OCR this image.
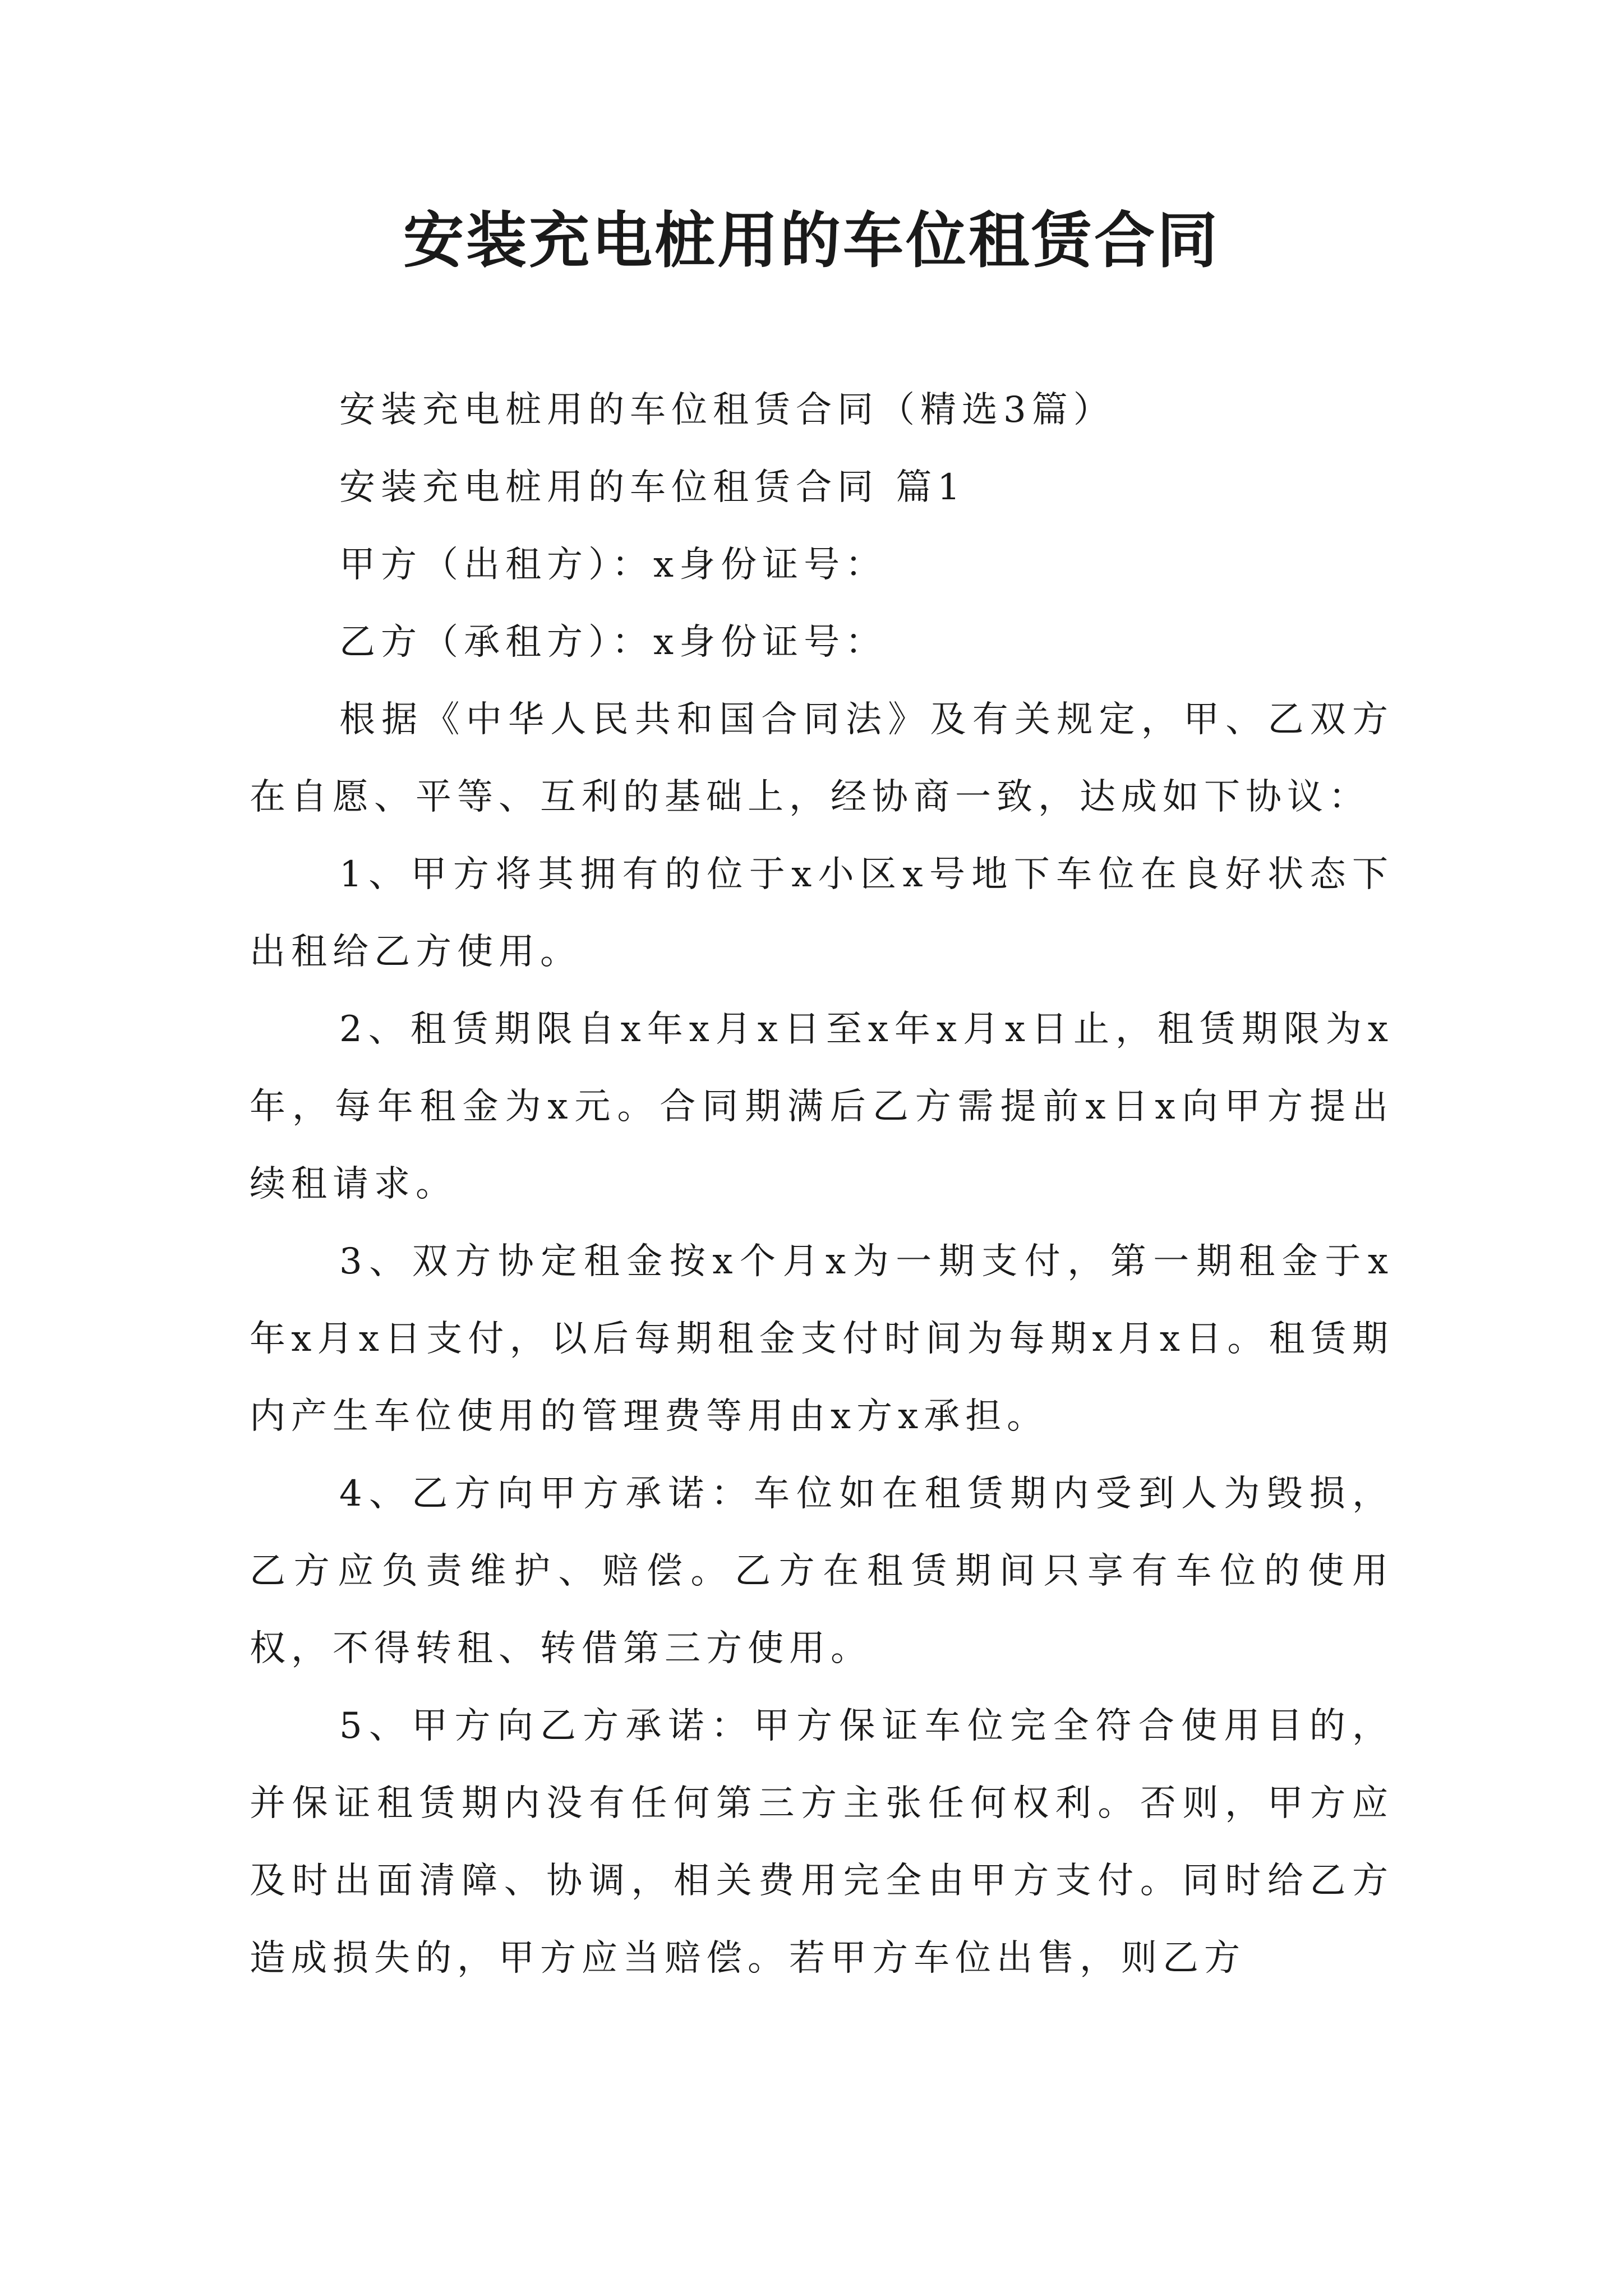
安装充电桩用的车位租赁合同

安装充电桩用的车位租赁合同（精选3篇）

安装充电桩用的车位租赁合同 篇1

甲方（出租方）：x身份证号：

乙方（承租方）：x身份证号：

根据《中华人民共和国合同法》及有关规定，甲、乙双方在自愿、平等、互利的基础上，经协商一致，达成如下协议：

1、甲方将其拥有的位于x小区x号地下车位在良好状态下出租给乙方使用。

2、租赁期限自x年x月x日至x年x月x日止，租赁期限为x年，每年租金为x元。合同期满后乙方需提前x日x向甲方提出续租请求。

3、双方协定租金按x个月x为一期支付，第一期租金于x年x月x日支付，以后每期租金支付时间为每期x月x日。租赁期内产生车位使用的管理费等用由x方x承担。

4、乙方向甲方承诺：车位如在租赁期内受到人为毁损，乙方应负责维护、赔偿。乙方在租赁期间只享有车位的使用权，不得转租、转借第三方使用。

5、甲方向乙方承诺：甲方保证车位完全符合使用目的，并保证租赁期内没有任何第三方主张任何权利。否则，甲方应及时出面清障、协调，相关费用完全由甲方支付。同时给乙方造成损失的，甲方应当赔偿。若甲方车位出售，则乙方
